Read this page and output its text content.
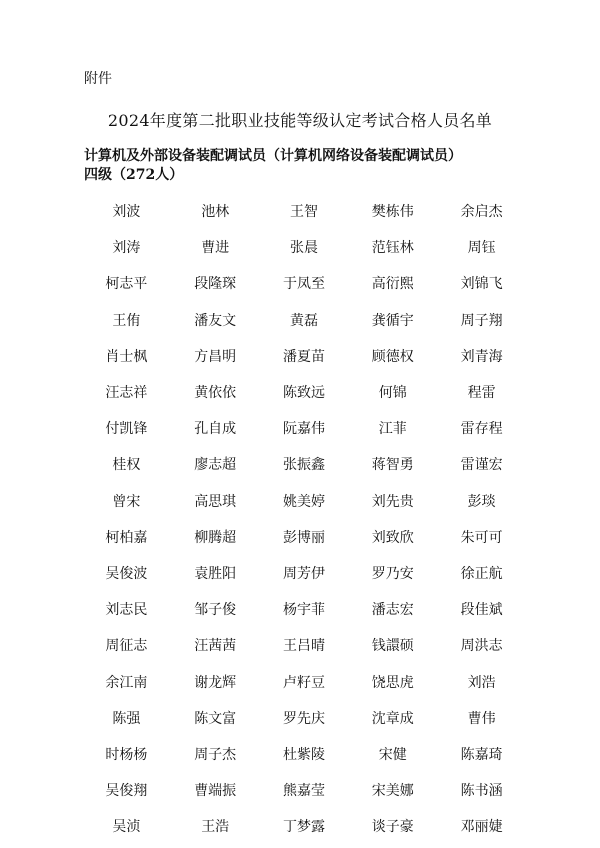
附件
2024年度第二批职业技能等级认定考试合格人员名单
计算机及外部设备装配调试员（计算机网络设备装配调试员）
四级（272人）
刘波	池林	王智	樊栋伟	余启杰
刘涛	曹进	张晨	范钰林	周钰
柯志平	段隆琛	于凤至	高衍熙	刘锦飞
王侑	潘友文	黄磊	龚循宇	周子翔
肖士枫	方昌明	潘夏苗	顾德权	刘青海
汪志祥	黄依依	陈致远	何锦	程雷
付凯锋	孔自成	阮嘉伟	江菲	雷存程
桂权	廖志超	张振鑫	蒋智勇	雷谨宏
曾宋	高思琪	姚美婷	刘先贵	彭琰
柯柏嘉	柳腾超	彭博丽	刘致欣	朱可可
吴俊波	袁胜阳	周芳伊	罗乃安	徐正航
刘志民	邹子俊	杨宇菲	潘志宏	段佳斌
周征志	汪茜茜	王吕晴	钱譞硕	周洪志
余江南	谢龙辉	卢籽豆	饶思虎	刘浩
陈强	陈文富	罗先庆	沈章成	曹伟
时杨杨	周子杰	杜紫陵	宋健	陈嘉琦
吴俊翔	曹端振	熊嘉莹	宋美娜	陈书涵
吴浈	王浩	丁梦露	谈子豪	邓丽婕
